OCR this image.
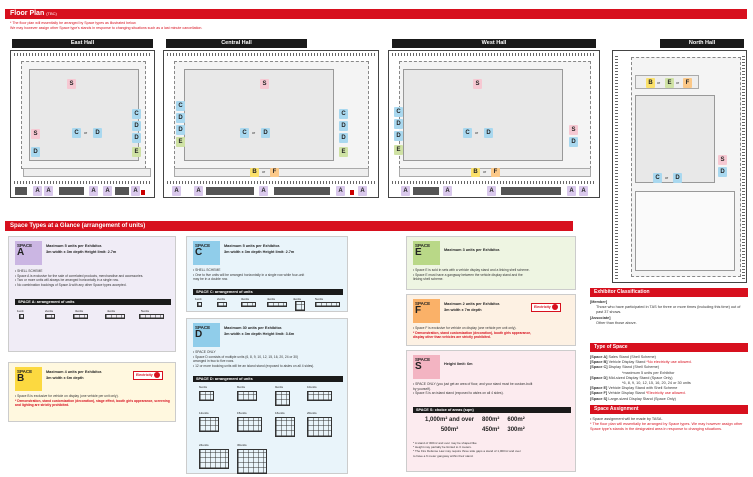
Floor Plan (TBC)
* The floor plan will essentially be arranged by Space types as illustrated below.
We may however assign other Space type's stands in response to changing situations such as a last minute cancellation.
East Hall
S
S
D
C	or	D
C
D
D
E
A	A	A	A	A
Central Hall
S
C
D
D
E
C	or	D
C
D
D
E
B	or	F
A	A	A	A	A
West Hall
S
C
D
D
E
C	or	D	S
D
B	or	F
A	A	A	A	A
North Hall
B	or	E	or	F
C	or	D
S
D
Space Types at a Glance (arrangement of units)
SPACE
A
Maximum 5 units per Exhibitor.
3m width x 3m depth Height limit: 2.7m
• SHELL SCHEME
• Space A is exclusive for the sale of correlated products, merchandise and accessories.
• Two or more units will always be arranged horizontally in a single row.
• No combination bookings of Space A with any other Space types accepted.
SPACE A: arrangement of units
1unit	2units	3units	4units	5units
SPACE
B
Maximum 4 units per Exhibitor.
3m width x 6m depth
Electricity
• Space B is exclusive for vehicle on display (one vehicle per unit only).
* Demonstration, stand customization (decoration), stage effect, booth girls appearance, screening and lighting are strictly prohibited.
SPACE
C
Maximum 5 units per Exhibitor.
3m width x 3m depth Height limit: 2.7m
• SHELL SCHEME
• One to five units will be arranged horizontally in a single row while four-unit
may be in a double row.
SPACE C: arrangement of units
1unit	2units	3units	4units	4units	5units
SPACE
D
Maximum 30 units per Exhibitor.
3m width x 3m depth Height limit: 3.6m
• SPACE ONLY
• Space D consists of multiple units (6, 8, 9, 10, 12, 15, 16, 20, 24 or 30)
arranged in two to five rows.
• 12 or more booking units will be an island stand (exposed to aisles on all 4 sides).
SPACE D: arrangement of units
6units	8units	9units	10units
12units	15units	16units	20units
24units	30units
SPACE
E	Maximum 3 units per Exhibitor.
• Space E is sold in sets with a vehicle display stand and a linking shell scheme.
• Space E must have a gangway between the vehicle display stand and the
linking shell scheme.
SPACE
F
Maximum 2 units per Exhibitor.
3m width x 7m depth
Electricity
• Space F is exclusive for vehicle on display (one vehicle per unit only).
* Demonstration, stand customization (decoration), booth girls appearance,
display other than vehicles are strictly prohibited.
SPACE
S	Height limit: 6m
• SPACE ONLY (you just get an area of floor, and your stand must be custom-built
by yourself).
• Space S is an island stand (exposed to aisles on all 4 sides).
SPACE S: choice of areas (sqm)
1,000m² and over	800m²	600m²
500m²	450m²	300m²
* A stand of 300m² and over may be shaped like
* Height may partially be limited to 3 meters.
* The Fire Defense Law may require three side gaps a stand of 1,000m² and over
to have a 6 meter gangway within their stand.
Exhibitor Classification
[Member]
Those who have participated in TAS for three or more times (including this time) out of past 37 shows.
[Associate]
Other than those above.
Type of Space
[Space A] Sales Stand (Shell Scheme)
[Space B] Vehicle Display Stand *No electricity use allowed.
[Space C] Display Stand (Shell Scheme)
*maximum 5 units per Exhibitor
[Space D] Mid-sized Display Stand (Space Only)
*6, 8, 9, 10, 12, 15, 16, 20, 24 or 30 units
[Space E] Vehicle Display Stand with Shell Scheme
[Space F] Vehicle Display Stand *Electricity use allowed.
[Space S] Large-sized Display Stand (Space Only)
Space Assignment
• Space assignment will be made by TASA.
* The floor plan will essentially be arranged by Space types. We may however assign other Space type's stands in the designated area in response to changing situations.
